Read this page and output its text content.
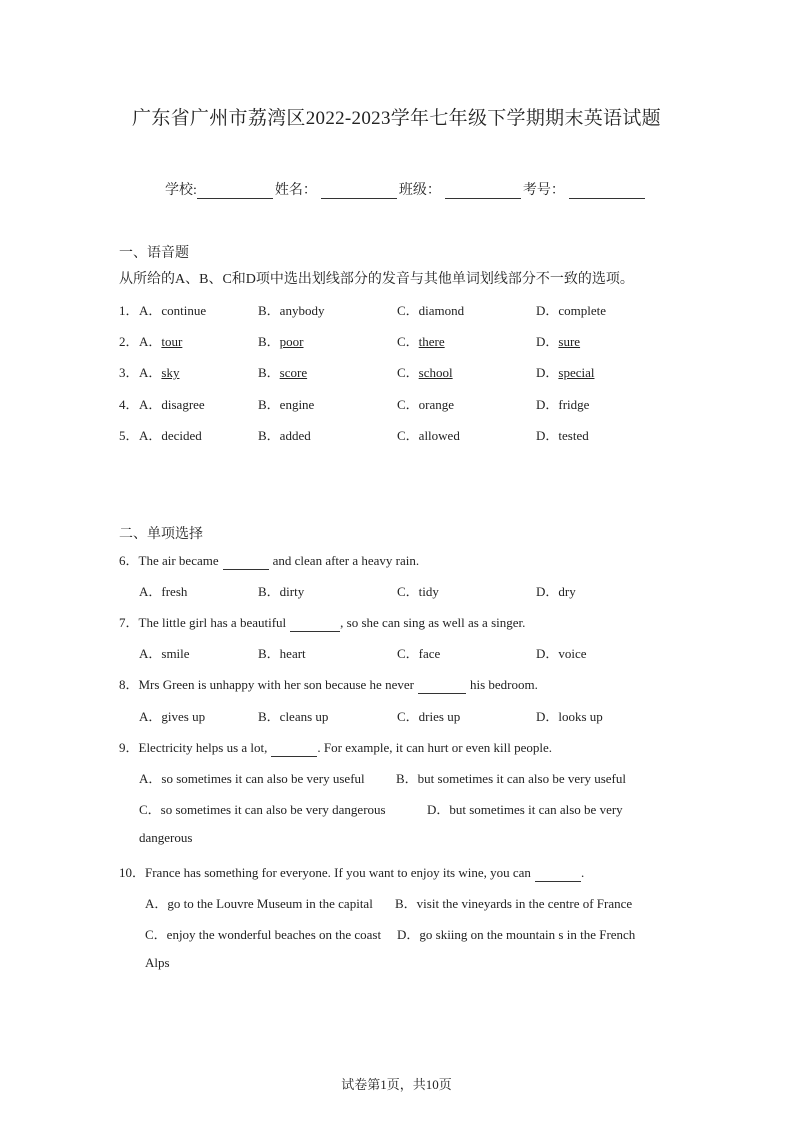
广东省广州市荔湾区2022-2023学年七年级下学期期末英语试题
学校:	姓名：	班级：	考号：
一、语音题
从所给的A、B、C和D项中选出划线部分的发音与其他单词划线部分不一致的选项。
1． A．continue	B．anybody	C．diamond	D．complete
2． A．tour	B．poor	C．there	D．sure
3． A．sky	B．score	C．school	D．special
4． A．disagree	B．engine	C．orange	D．fridge
5． A．decided	B．added	C．allowed	D．tested
二、单项选择
6．The air became	and clean after a heavy rain.
A．fresh	B．dirty	C．tidy	D．dry
7．The little girl has a beautiful	, so she can sing as well as a singer.
A．smile	B．heart	C．face	D．voice
8．Mrs Green is unhappy with her son because he never	his bedroom.
A．gives up	B．cleans up	C．dries up	D．looks up
9．Electricity helps us a lot,	. For example, it can hurt or even kill people.
A．so sometimes it can also be very useful B．but sometimes it can also be very useful
C．so sometimes it can also be very dangerous	D．but sometimes it can also be very
dangerous
10．France has something for everyone. If you want to enjoy its wine, you can	.
A．go to the Louvre Museum in the capital B．visit the vineyards in the centre of France
C．enjoy the wonderful beaches on the coast D．go skiing on the mountain s in the French
Alps
试卷第1页，共10页
